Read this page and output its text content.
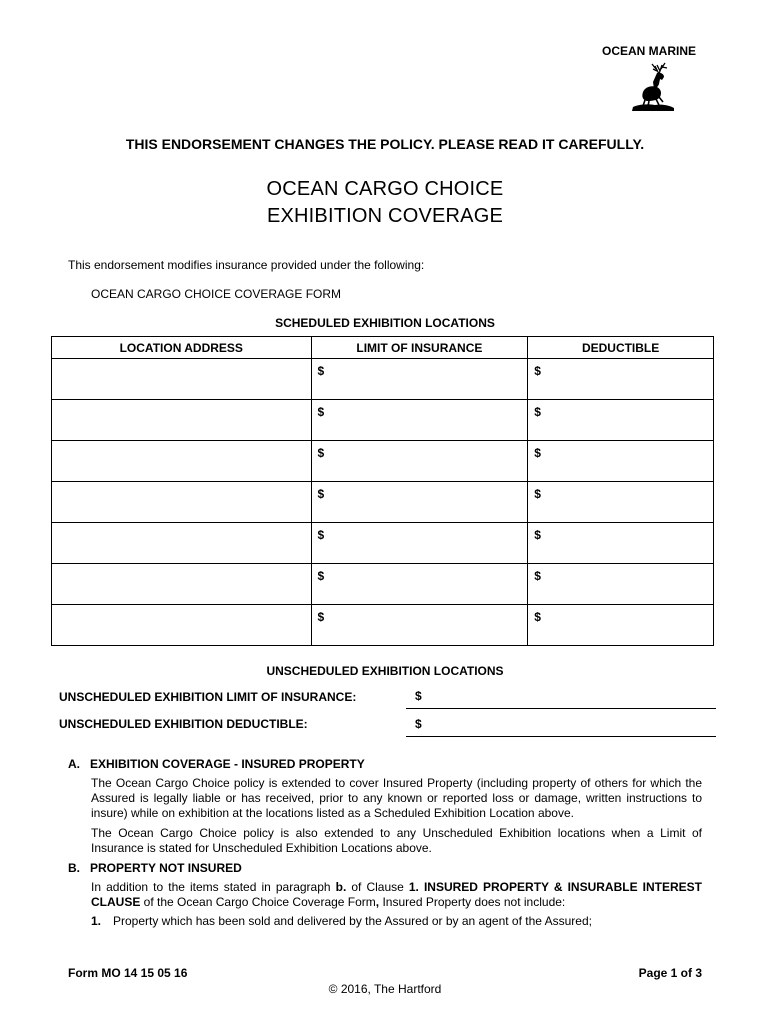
OCEAN MARINE
THIS ENDORSEMENT CHANGES THE POLICY. PLEASE READ IT CAREFULLY.
OCEAN CARGO CHOICE
EXHIBITION COVERAGE
This endorsement modifies insurance provided under the following:
OCEAN CARGO CHOICE COVERAGE FORM
SCHEDULED EXHIBITION LOCATIONS
LOCATION ADDRESS	LIMIT OF INSURANCE	DEDUCTIBLE
	$	$
	$	$
	$	$
	$	$
	$	$
	$	$
	$	$
UNSCHEDULED EXHIBITION LOCATIONS
UNSCHEDULED EXHIBITION LIMIT OF INSURANCE:	$
UNSCHEDULED EXHIBITION DEDUCTIBLE:	$
A. EXHIBITION COVERAGE - INSURED PROPERTY
The Ocean Cargo Choice policy is extended to cover Insured Property (including property of others for which the Assured is legally liable or has received, prior to any known or reported loss or damage, written instructions to insure) while on exhibition at the locations listed as a Scheduled Exhibition Location above.
The Ocean Cargo Choice policy is also extended to any Unscheduled Exhibition locations when a Limit of Insurance is stated for Unscheduled Exhibition Locations above.
B. PROPERTY NOT INSURED
In addition to the items stated in paragraph b. of Clause 1. INSURED PROPERTY & INSURABLE INTEREST CLAUSE of the Ocean Cargo Choice Coverage Form, Insured Property does not include:
1. Property which has been sold and delivered by the Assured or by an agent of the Assured;
Form MO 14 15 05 16	Page 1 of 3
© 2016, The Hartford
